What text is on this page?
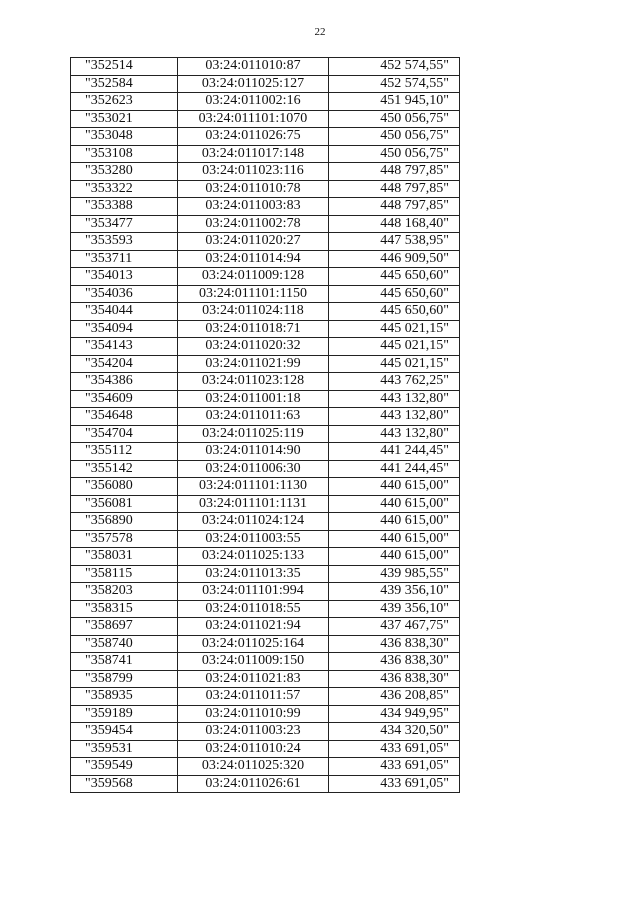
22
"352514	03:24:011010:87	452 574,55"
"352584	03:24:011025:127	452 574,55"
"352623	03:24:011002:16	451 945,10"
"353021	03:24:011101:1070	450 056,75"
"353048	03:24:011026:75	450 056,75"
"353108	03:24:011017:148	450 056,75"
"353280	03:24:011023:116	448 797,85"
"353322	03:24:011010:78	448 797,85"
"353388	03:24:011003:83	448 797,85"
"353477	03:24:011002:78	448 168,40"
"353593	03:24:011020:27	447 538,95"
"353711	03:24:011014:94	446 909,50"
"354013	03:24:011009:128	445 650,60"
"354036	03:24:011101:1150	445 650,60"
"354044	03:24:011024:118	445 650,60"
"354094	03:24:011018:71	445 021,15"
"354143	03:24:011020:32	445 021,15"
"354204	03:24:011021:99	445 021,15"
"354386	03:24:011023:128	443 762,25"
"354609	03:24:011001:18	443 132,80"
"354648	03:24:011011:63	443 132,80"
"354704	03:24:011025:119	443 132,80"
"355112	03:24:011014:90	441 244,45"
"355142	03:24:011006:30	441 244,45"
"356080	03:24:011101:1130	440 615,00"
"356081	03:24:011101:1131	440 615,00"
"356890	03:24:011024:124	440 615,00"
"357578	03:24:011003:55	440 615,00"
"358031	03:24:011025:133	440 615,00"
"358115	03:24:011013:35	439 985,55"
"358203	03:24:011101:994	439 356,10"
"358315	03:24:011018:55	439 356,10"
"358697	03:24:011021:94	437 467,75"
"358740	03:24:011025:164	436 838,30"
"358741	03:24:011009:150	436 838,30"
"358799	03:24:011021:83	436 838,30"
"358935	03:24:011011:57	436 208,85"
"359189	03:24:011010:99	434 949,95"
"359454	03:24:011003:23	434 320,50"
"359531	03:24:011010:24	433 691,05"
"359549	03:24:011025:320	433 691,05"
"359568	03:24:011026:61	433 691,05"
